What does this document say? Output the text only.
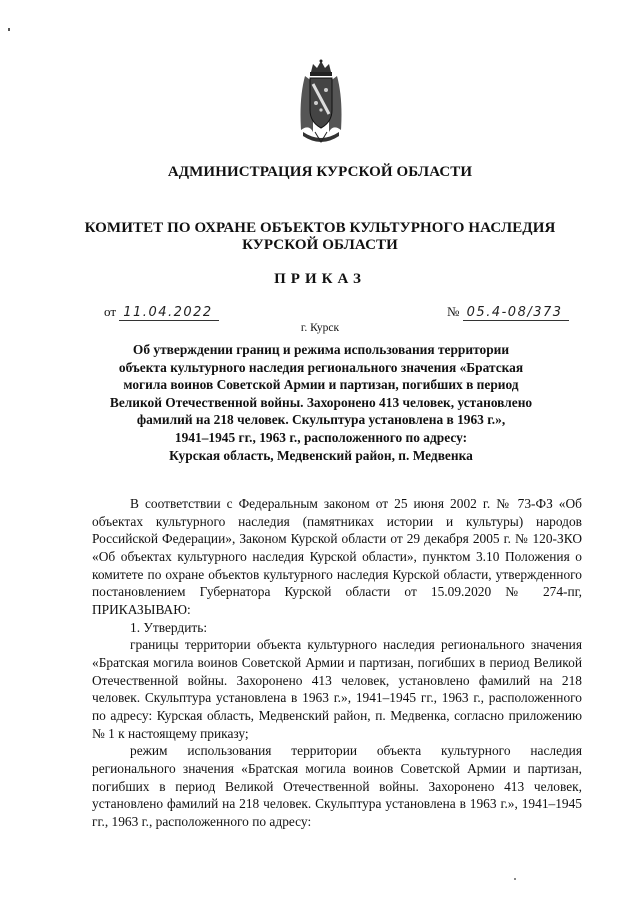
АДМИНИСТРАЦИЯ КУРСКОЙ ОБЛАСТИ
КОМИТЕТ ПО ОХРАНЕ ОБЪЕКТОВ КУЛЬТУРНОГО НАСЛЕДИЯ
КУРСКОЙ ОБЛАСТИ
ПРИКАЗ
от 11.04.2022	№ 05.4-08/373
г. Курск
Об утверждении границ и режима использования территории
объекта культурного наследия регионального значения «Братская
могила воинов Советской Армии и партизан, погибших в период
Великой Отечественной войны. Захоронено 413 человек, установлено
фамилий на 218 человек. Скульптура установлена в 1963 г.»,
1941–1945 гг., 1963 г., расположенного по адресу:
Курская область, Медвенский район, п. Медвенка

В соответствии с Федеральным законом от 25 июня 2002 г. № 73-ФЗ «Об объектах культурного наследия (памятниках истории и культуры) народов Российской Федерации», Законом Курской области от 29 декабря 2005 г. № 120-ЗКО «Об объектах культурного наследия Курской области», пунктом 3.10 Положения о комитете по охране объектов культурного наследия Курской области, утвержденного постановлением Губернатора Курской области от 15.09.2020 № 274-пг, ПРИКАЗЫВАЮ:

1. Утвердить:

границы территории объекта культурного наследия регионального значения «Братская могила воинов Советской Армии и партизан, погибших в период Великой Отечественной войны. Захоронено 413 человек, установлено фамилий на 218 человек. Скульптура установлена в 1963 г.», 1941–1945 гг., 1963 г., расположенного по адресу: Курская область, Медвенский район, п. Медвенка, согласно приложению № 1 к настоящему приказу;

режим использования территории объекта культурного наследия регионального значения «Братская могила воинов Советской Армии и партизан, погибших в период Великой Отечественной войны. Захоронено 413 человек, установлено фамилий на 218 человек. Скульптура установлена в 1963 г.», 1941–1945 гг., 1963 г., расположенного по адресу:
